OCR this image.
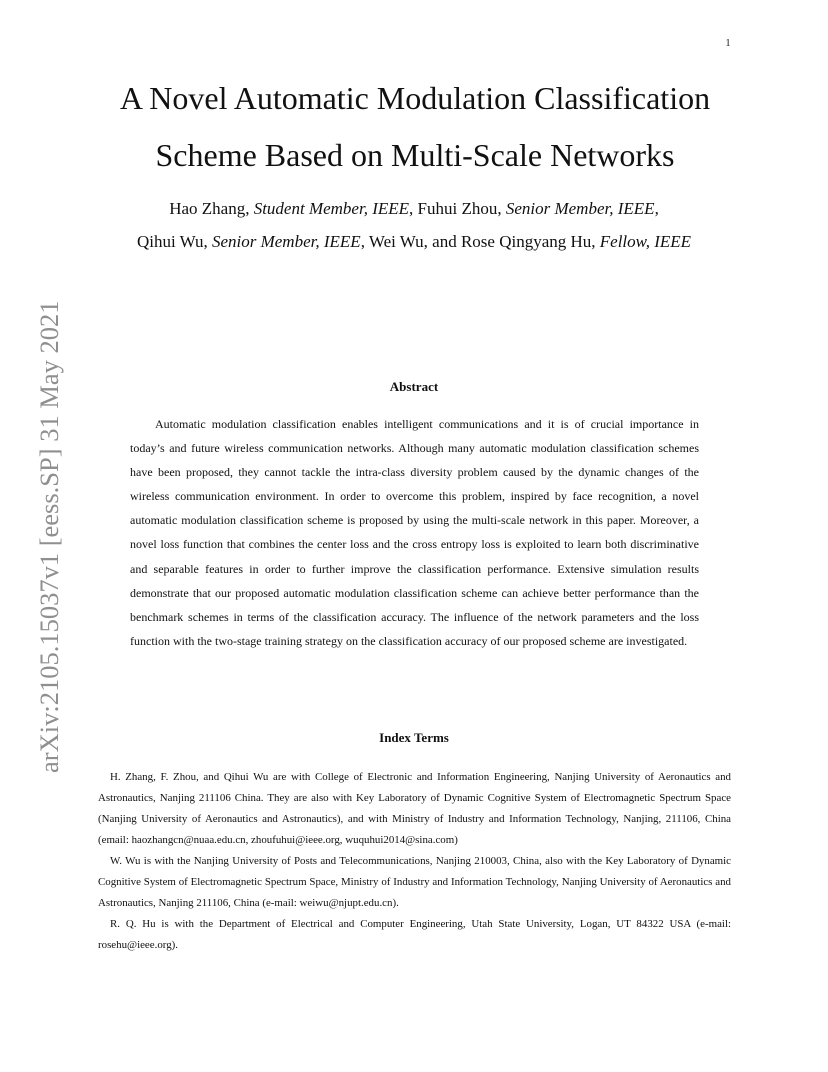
1
arXiv:2105.15037v1 [eess.SP] 31 May 2021
A Novel Automatic Modulation Classification
Scheme Based on Multi-Scale Networks
Hao Zhang, Student Member, IEEE, Fuhui Zhou, Senior Member, IEEE,
Qihui Wu, Senior Member, IEEE, Wei Wu, and Rose Qingyang Hu, Fellow, IEEE
Abstract

Automatic modulation classification enables intelligent communications and it is of crucial importance in today’s and future wireless communication networks. Although many automatic modulation classification schemes have been proposed, they cannot tackle the intra-class diversity problem caused by the dynamic changes of the wireless communication environment. In order to overcome this problem, inspired by face recognition, a novel automatic modulation classification scheme is proposed by using the multi-scale network in this paper. Moreover, a novel loss function that combines the center loss and the cross entropy loss is exploited to learn both discriminative and separable features in order to further improve the classification performance. Extensive simulation results demonstrate that our proposed automatic modulation classification scheme can achieve better performance than the benchmark schemes in terms of the classification accuracy. The influence of the network parameters and the loss function with the two-stage training strategy on the classification accuracy of our proposed scheme are investigated.

Index Terms

H. Zhang, F. Zhou, and Qihui Wu are with College of Electronic and Information Engineering, Nanjing University of Aeronautics and Astronautics, Nanjing 211106 China. They are also with Key Laboratory of Dynamic Cognitive System of Electromagnetic Spectrum Space (Nanjing University of Aeronautics and Astronautics), and with Ministry of Industry and Information Technology, Nanjing, 211106, China (email: haozhangcn@nuaa.edu.cn, zhoufuhui@ieee.org, wuquhui2014@sina.com)

W. Wu is with the Nanjing University of Posts and Telecommunications, Nanjing 210003, China, also with the Key Laboratory of Dynamic Cognitive System of Electromagnetic Spectrum Space, Ministry of Industry and Information Technology, Nanjing University of Aeronautics and Astronautics, Nanjing 211106, China (e-mail: weiwu@njupt.edu.cn).

R. Q. Hu is with the Department of Electrical and Computer Engineering, Utah State University, Logan, UT 84322 USA (e-mail: rosehu@ieee.org).
